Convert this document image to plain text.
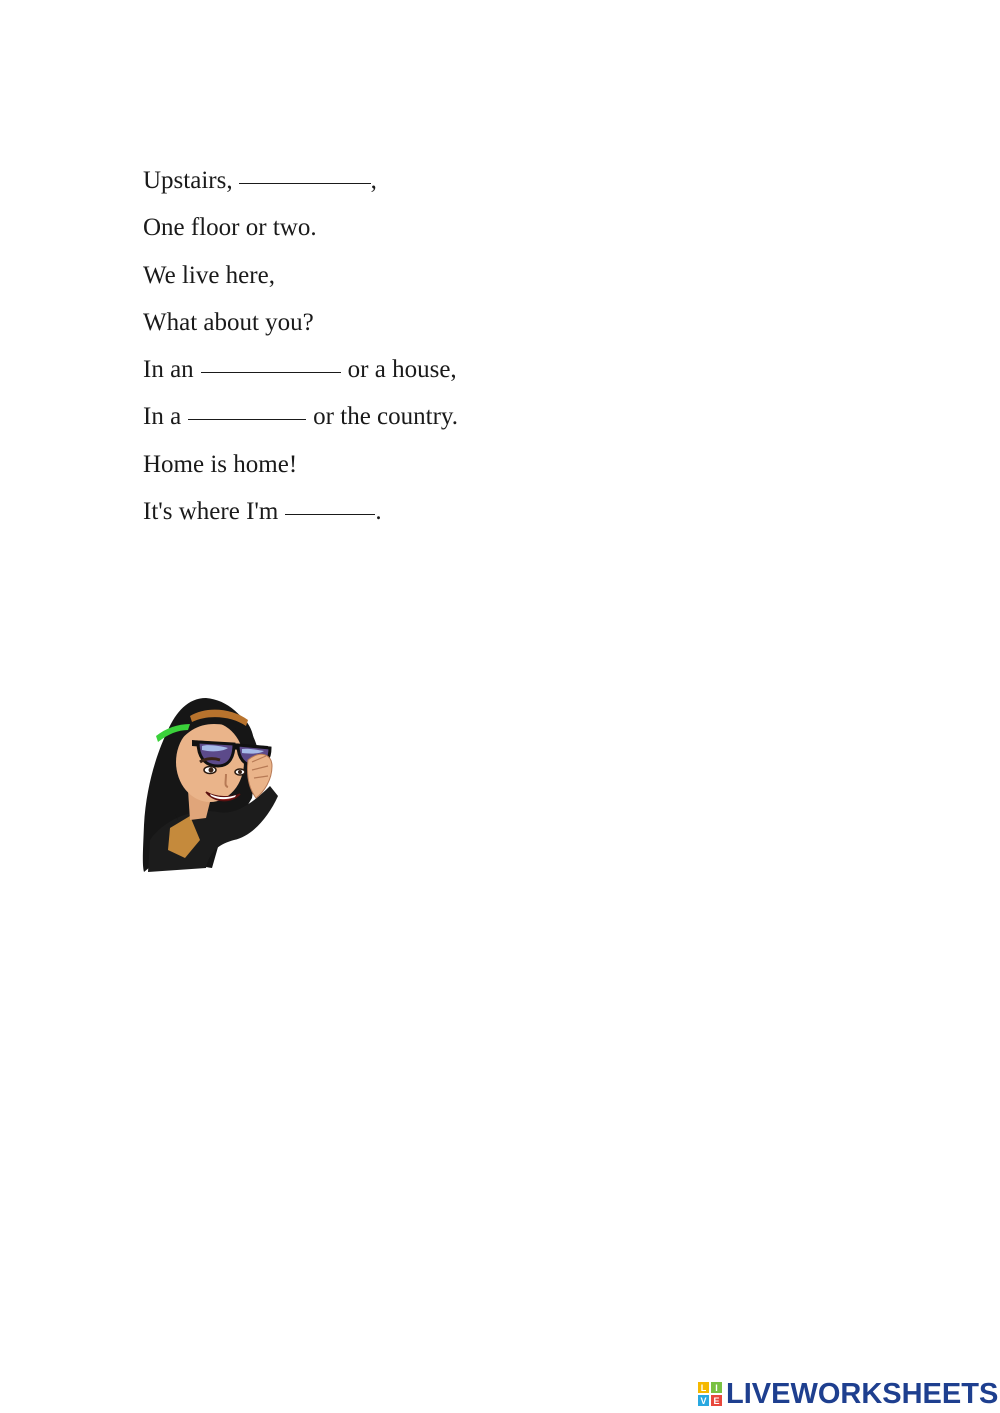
Upstairs,	,
One floor or two.
We live here,
What about you?
In an	or a house,
In a	or the country.
Home is home!
It's where I'm	.
L I
V E LIVEWORKSHEETS
